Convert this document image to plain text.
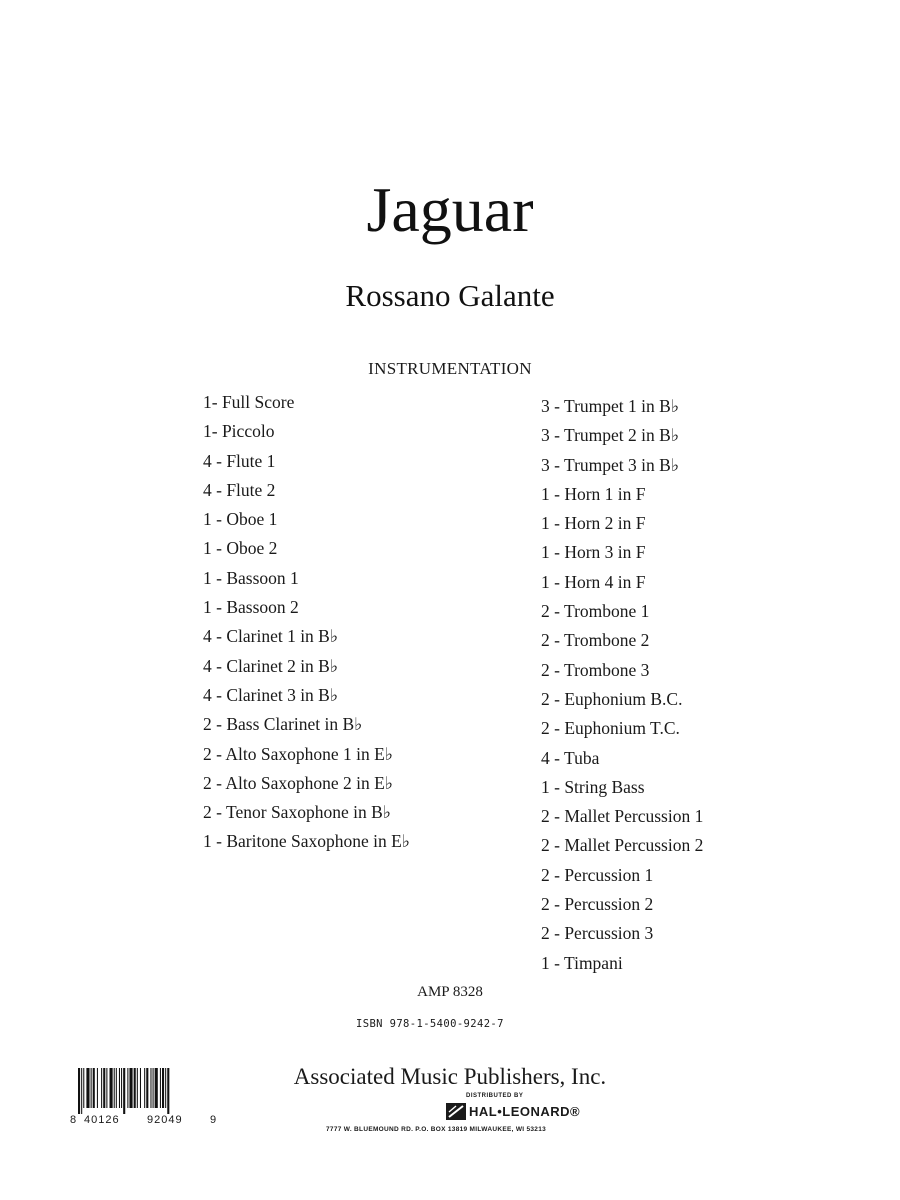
Jaguar
Rossano Galante
INSTRUMENTATION
1- Full Score
1- Piccolo
4 - Flute 1
4 - Flute 2
1 - Oboe 1
1 - Oboe 2
1 - Bassoon 1
1 - Bassoon 2
4 - Clarinet 1 in B♭
4 - Clarinet 2 in B♭
4 - Clarinet 3 in B♭
2 - Bass Clarinet in B♭
2 - Alto Saxophone 1 in E♭
2 - Alto Saxophone 2 in E♭
2 - Tenor Saxophone in B♭
1 - Baritone Saxophone in E♭
3 - Trumpet 1 in B♭
3 - Trumpet 2 in B♭
3 - Trumpet 3 in B♭
1 - Horn 1 in F
1 - Horn 2 in F
1 - Horn 3 in F
1 - Horn 4 in F
2 - Trombone 1
2 - Trombone 2
2 - Trombone 3
2 - Euphonium B.C.
2 - Euphonium T.C.
4 - Tuba
1 - String Bass
2 - Mallet Percussion 1
2 - Mallet Percussion 2
2 - Percussion 1
2 - Percussion 2
2 - Percussion 3
1 - Timpani
AMP 8328
ISBN 978-1-5400-9242-7
8 40126 92049 9
Associated Music Publishers, Inc.
DISTRIBUTED BY
HAL•LEONARD®
7777 W. BLUEMOUND RD. P.O. BOX 13819 MILWAUKEE, WI 53213
